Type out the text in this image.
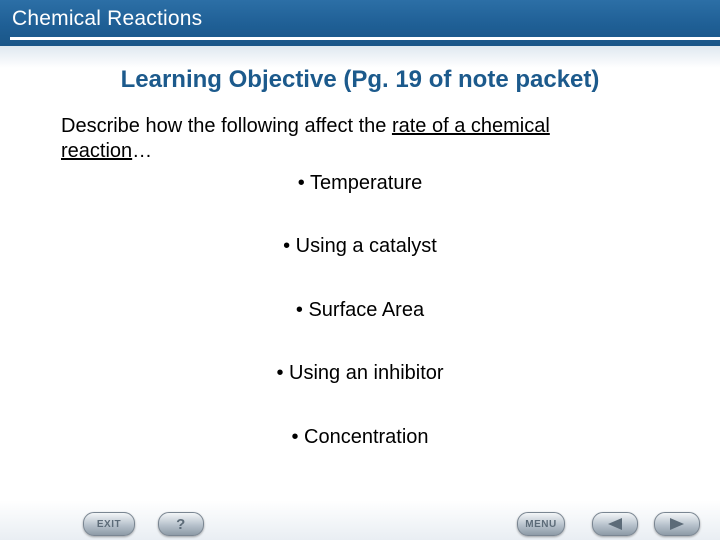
Chemical Reactions
Learning Objective (Pg. 19 of note packet)
Describe how the following affect the rate of a chemical reaction…
• Temperature
• Using a catalyst
• Surface Area
• Using an inhibitor
• Concentration
EXIT	?	MENU
